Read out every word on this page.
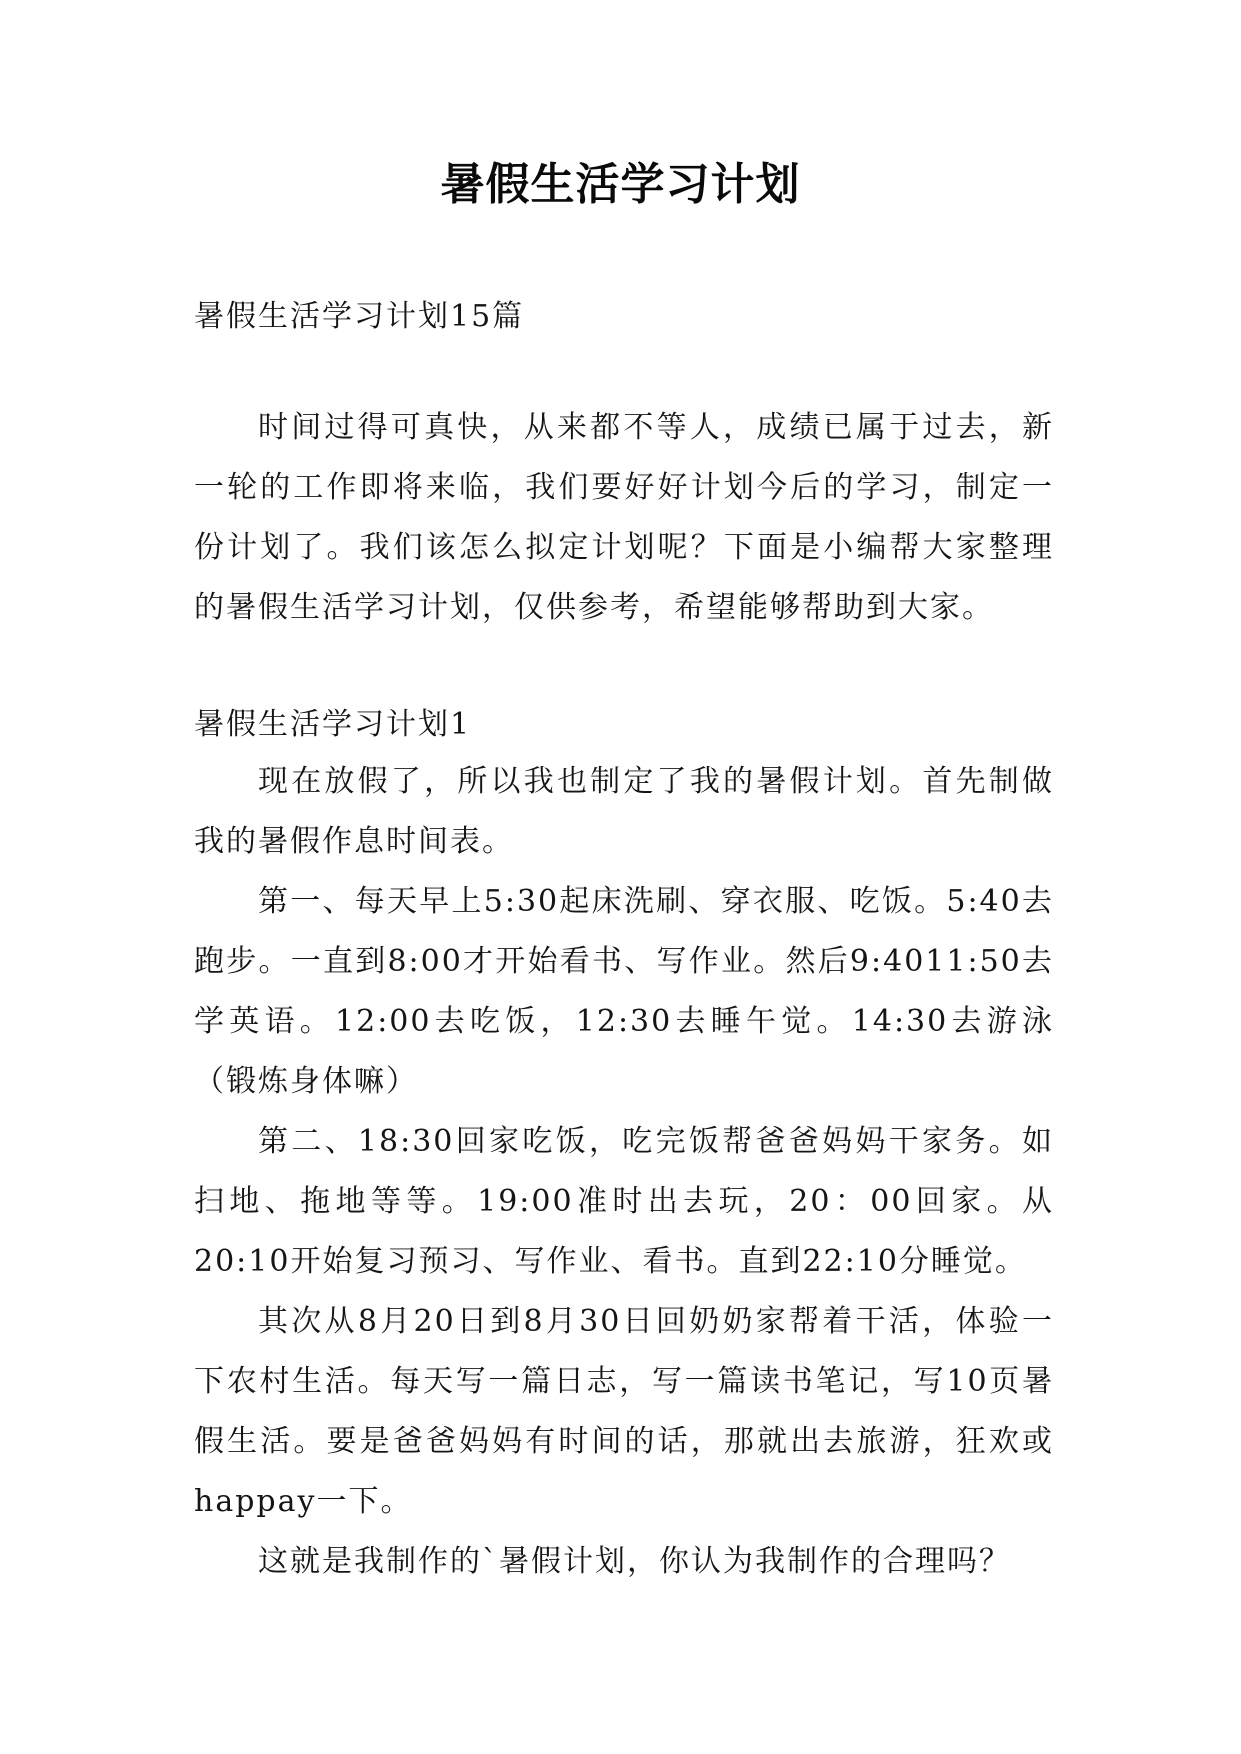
暑假生活学习计划

暑假生活学习计划15篇

时间过得可真快，从来都不等人，成绩已属于过去，新一轮的工作即将来临，我们要好好计划今后的学习，制定一份计划了。我们该怎么拟定计划呢？下面是小编帮大家整理的暑假生活学习计划，仅供参考，希望能够帮助到大家。

暑假生活学习计划1

现在放假了，所以我也制定了我的暑假计划。首先制做我的暑假作息时间表。

第一、每天早上5:30起床洗刷、穿衣服、吃饭。5:40去跑步。一直到8:00才开始看书、写作业。然后9:4011:50去学英语。12:00去吃饭，12:30去睡午觉。14:30去游泳（锻炼身体嘛）

第二、18:30回家吃饭，吃完饭帮爸爸妈妈干家务。如扫地、拖地等等。19:00准时出去玩，20：00回家。从20:10开始复习预习、写作业、看书。直到22:10分睡觉。

其次从8月20日到8月30日回奶奶家帮着干活，体验一下农村生活。每天写一篇日志，写一篇读书笔记，写10页暑假生活。要是爸爸妈妈有时间的话，那就出去旅游，狂欢或happay一下。

这就是我制作的`暑假计划，你认为我制作的合理吗？
